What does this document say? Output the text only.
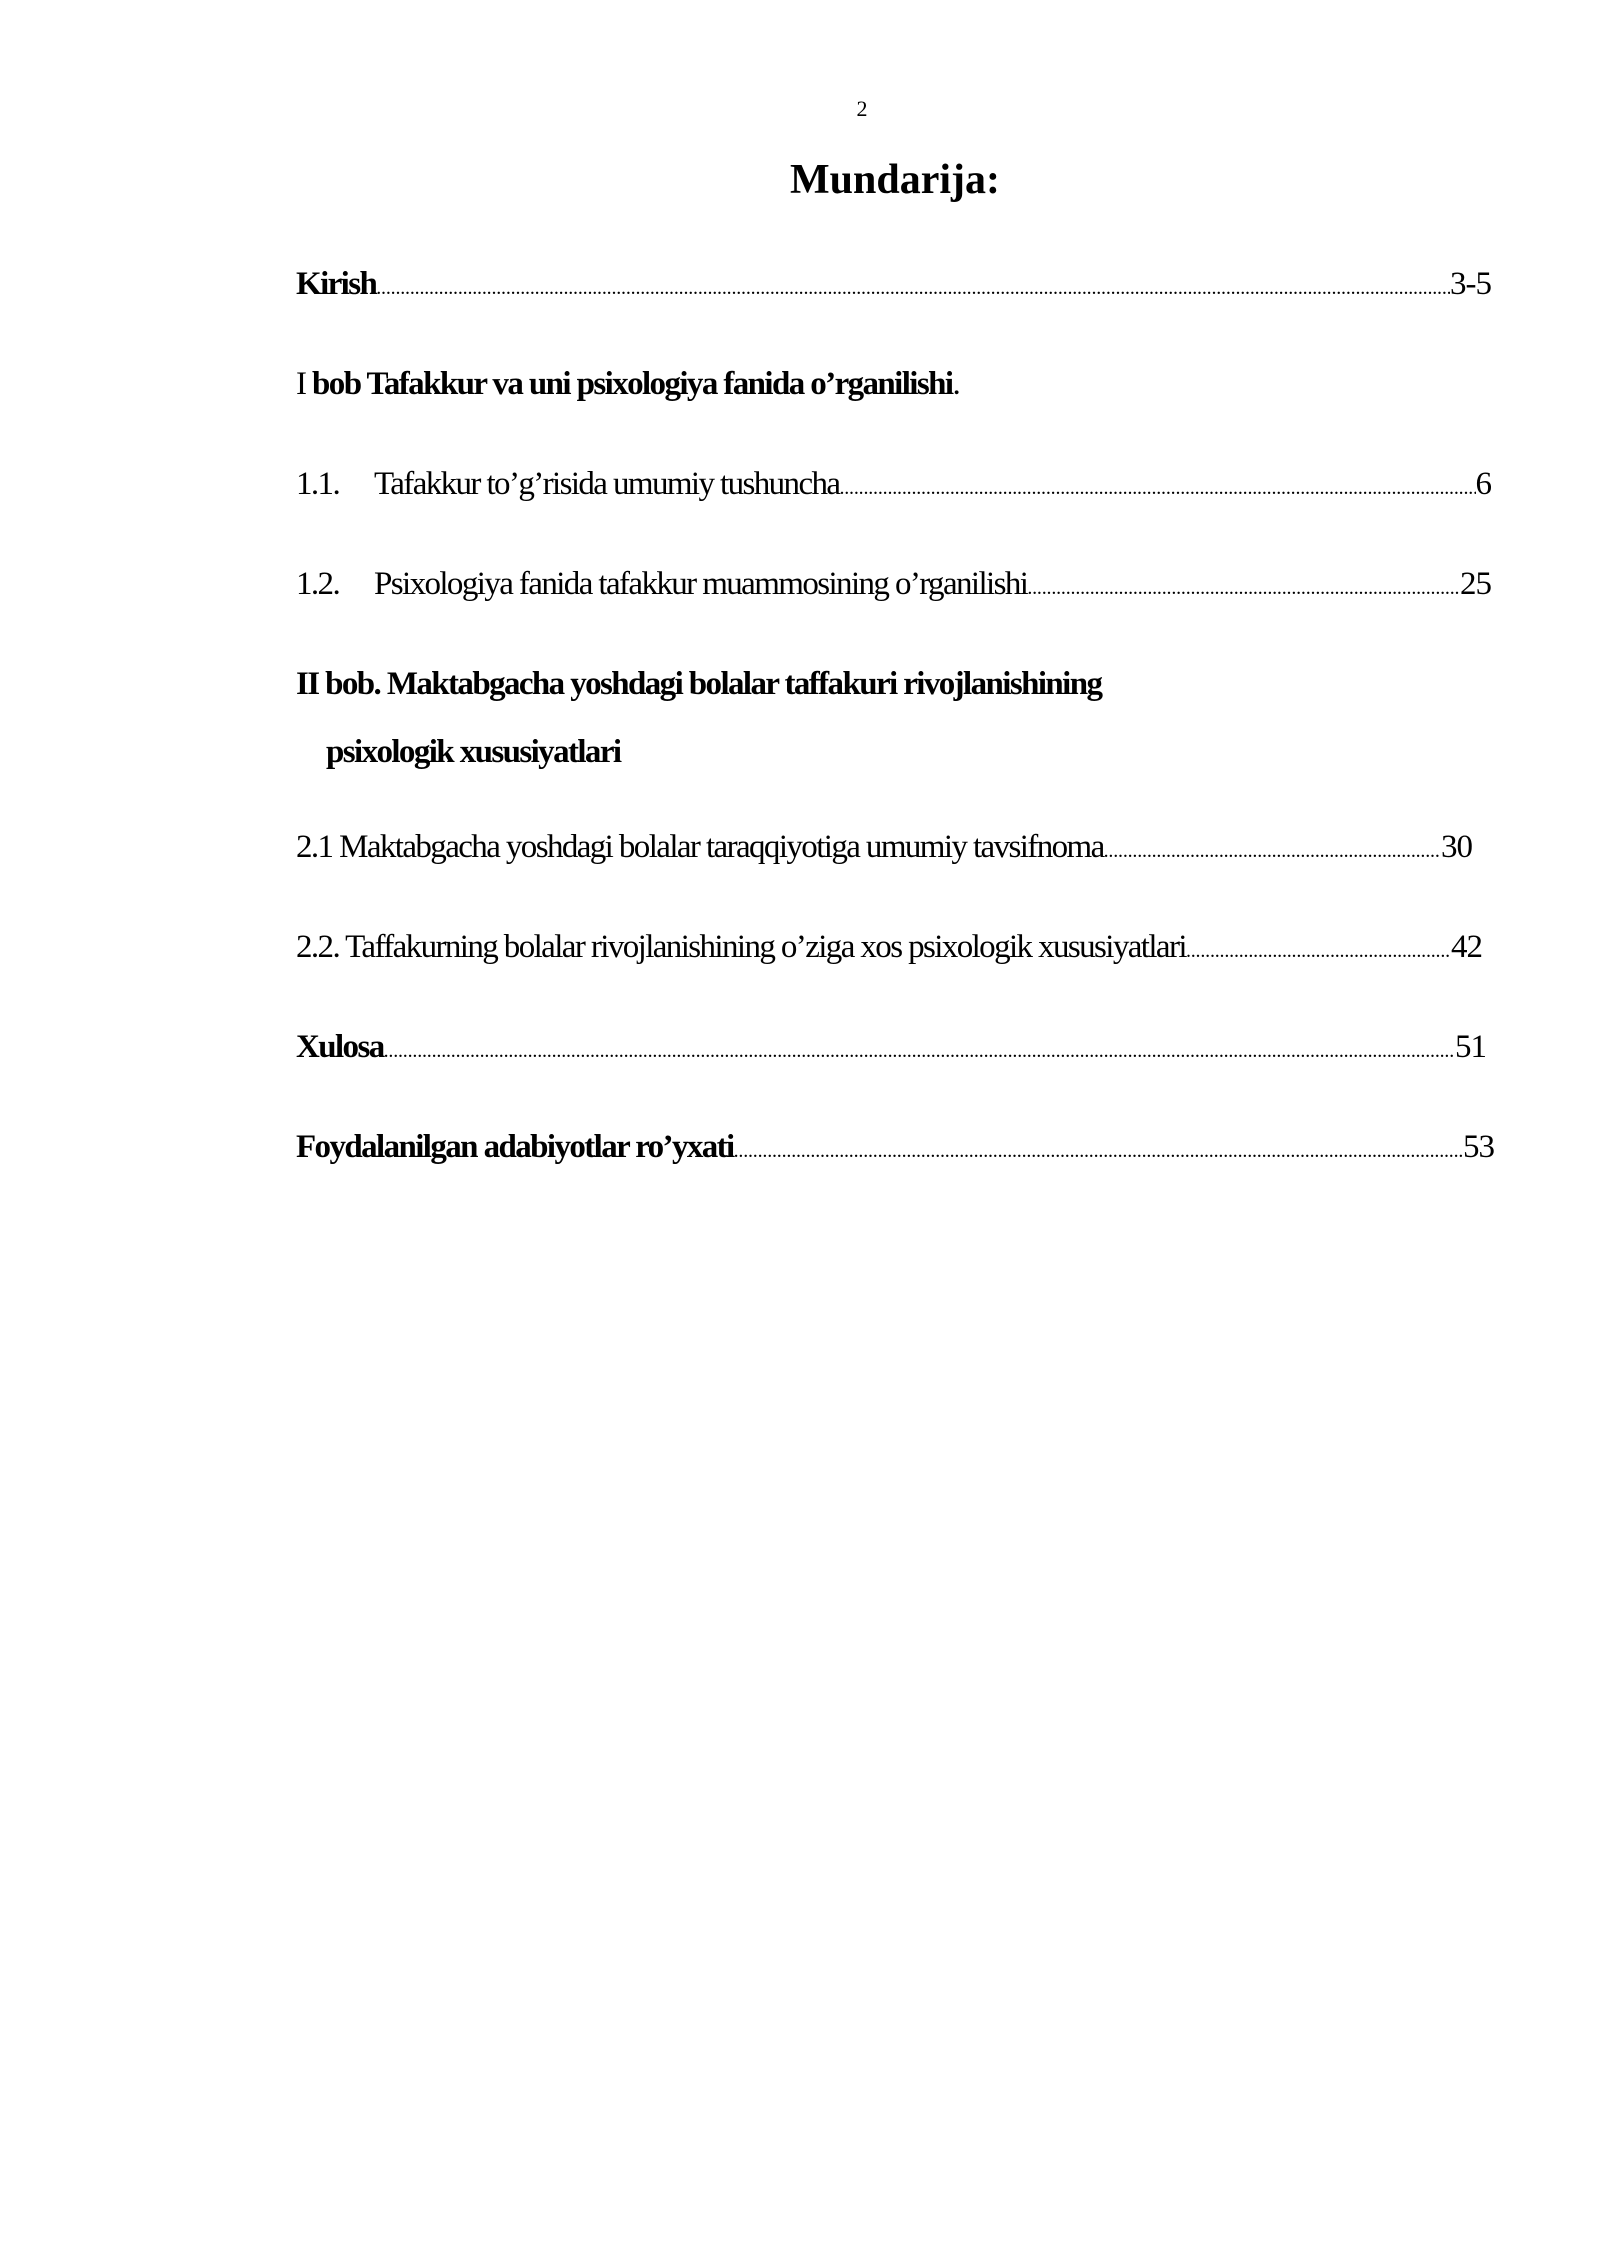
2
Mundarija:
Kirish . . .	3-5
I bob Tafakkur va uni psixologiya fanida o’rganilishi.
1.1.	Tafakkur to’g’risida umumiy tushuncha . . .	6
1.2.	Psixologiya fanida tafakkur muammosining o’rganilishi . . .	25
II bob. Maktabgacha yoshdagi bolalar taffakuri rivojlanishining
psixologik xususiyatlari
2.1 Maktabgacha yoshdagi bolalar taraqqiyotiga umumiy tavsifnoma . . .	30
2.2. Taffakurning bolalar rivojlanishining o’ziga xos psixologik xususiyatlari . . .	42
Xulosa . . .	51
Foydalanilgan adabiyotlar ro’yxati . . .	53
